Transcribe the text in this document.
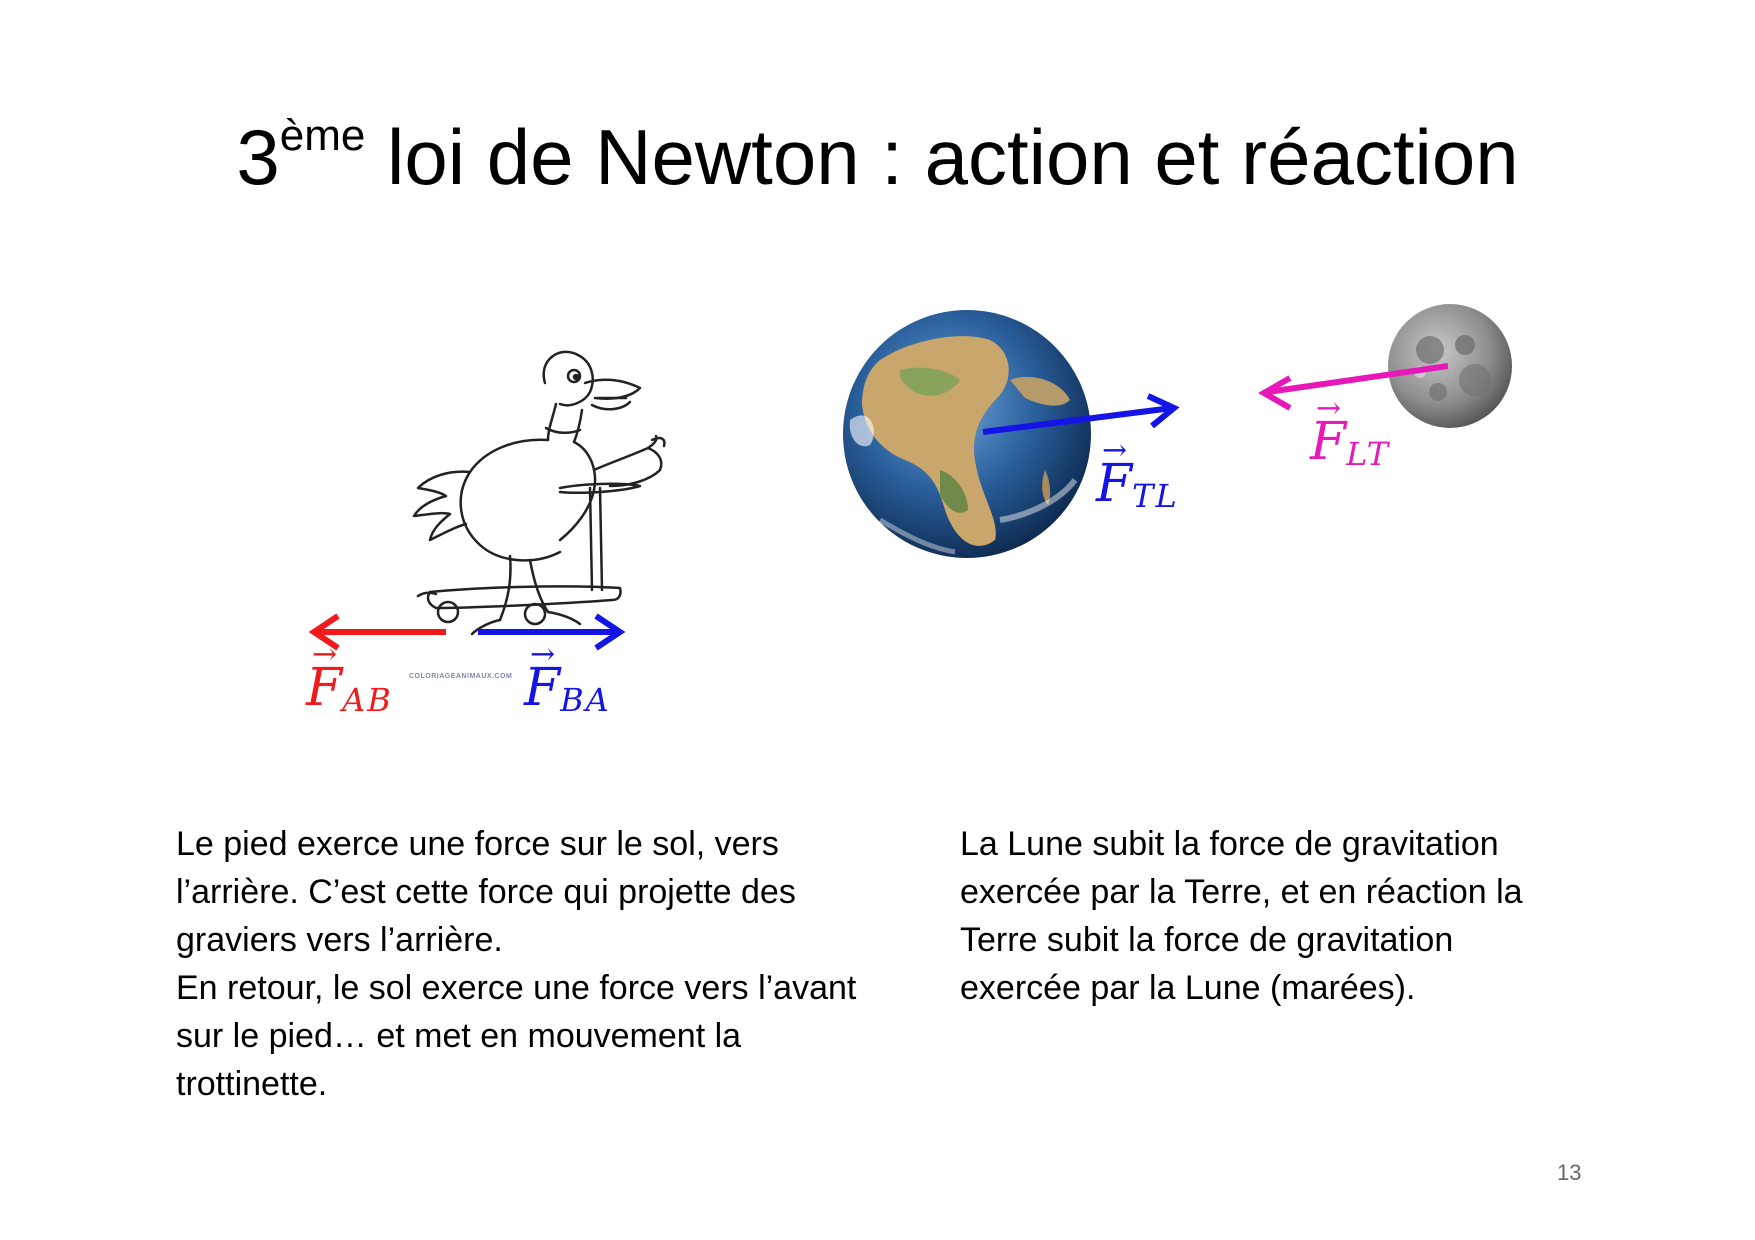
3ème loi de Newton : action et réaction
→ $F_{AB}$
COLORIAGEANIMAUX.COM
→ $F_{BA}$
→ $F_{TL}$
→ $F_{LT}$

Le pied exerce une force sur le sol, vers l’arrière. C’est cette force qui projette des graviers vers l’arrière.

En retour, le sol exerce une force vers l’avant sur le pied… et met en mouvement la trottinette.

La Lune subit la force de gravitation exercée par la Terre, et en réaction la Terre subit la force de gravitation exercée par la Lune (marées).

13
